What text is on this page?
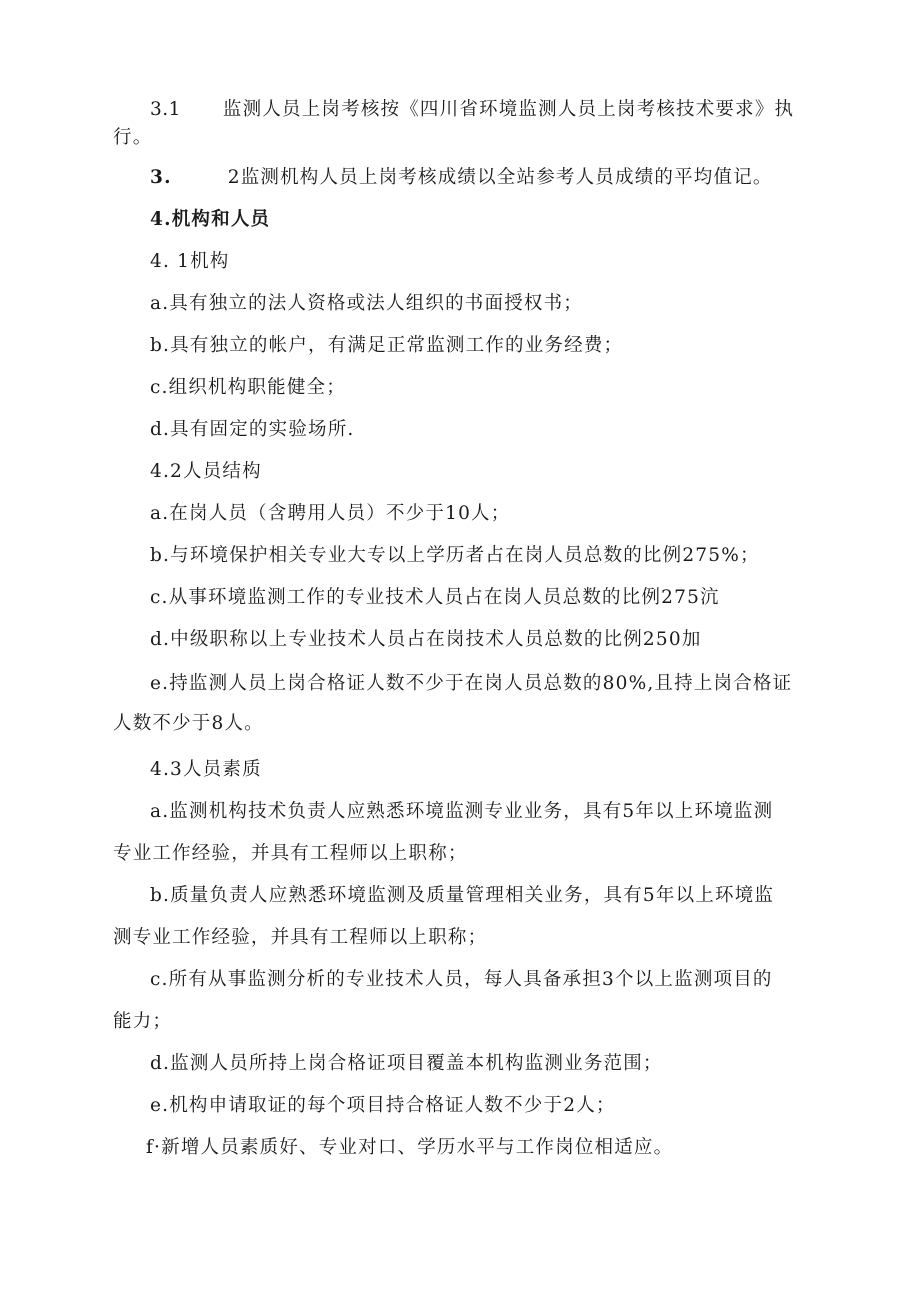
3.1 监测人员上岗考核按《四川省环境监测人员上岗考核技术要求》执
行。
3.	2监测机构人员上岗考核成绩以全站参考人员成绩的平均值记。
4.机构和人员
4. 1机构
a.具有独立的法人资格或法人组织的书面授权书；
b.具有独立的帐户，有满足正常监测工作的业务经费；
c.组织机构职能健全；
d.具有固定的实验场所.
4.2人员结构
a.在岗人员（含聘用人员）不少于10人；
b.与环境保护相关专业大专以上学历者占在岗人员总数的比例275%；
c.从事环境监测工作的专业技术人员占在岗人员总数的比例275沆
d.中级职称以上专业技术人员占在岗技术人员总数的比例250加
e.持监测人员上岗合格证人数不少于在岗人员总数的80%,且持上岗合格证
人数不少于8人。
4.3人员素质
a.监测机构技术负责人应熟悉环境监测专业业务，具有5年以上环境监测
专业工作经验，并具有工程师以上职称；
b.质量负责人应熟悉环境监测及质量管理相关业务，具有5年以上环境监
测专业工作经验，并具有工程师以上职称；
c.所有从事监测分析的专业技术人员，每人具备承担3个以上监测项目的
能力；
d.监测人员所持上岗合格证项目覆盖本机构监测业务范围；
e.机构申请取证的每个项目持合格证人数不少于2人；
f·新增人员素质好、专业对口、学历水平与工作岗位相适应。
